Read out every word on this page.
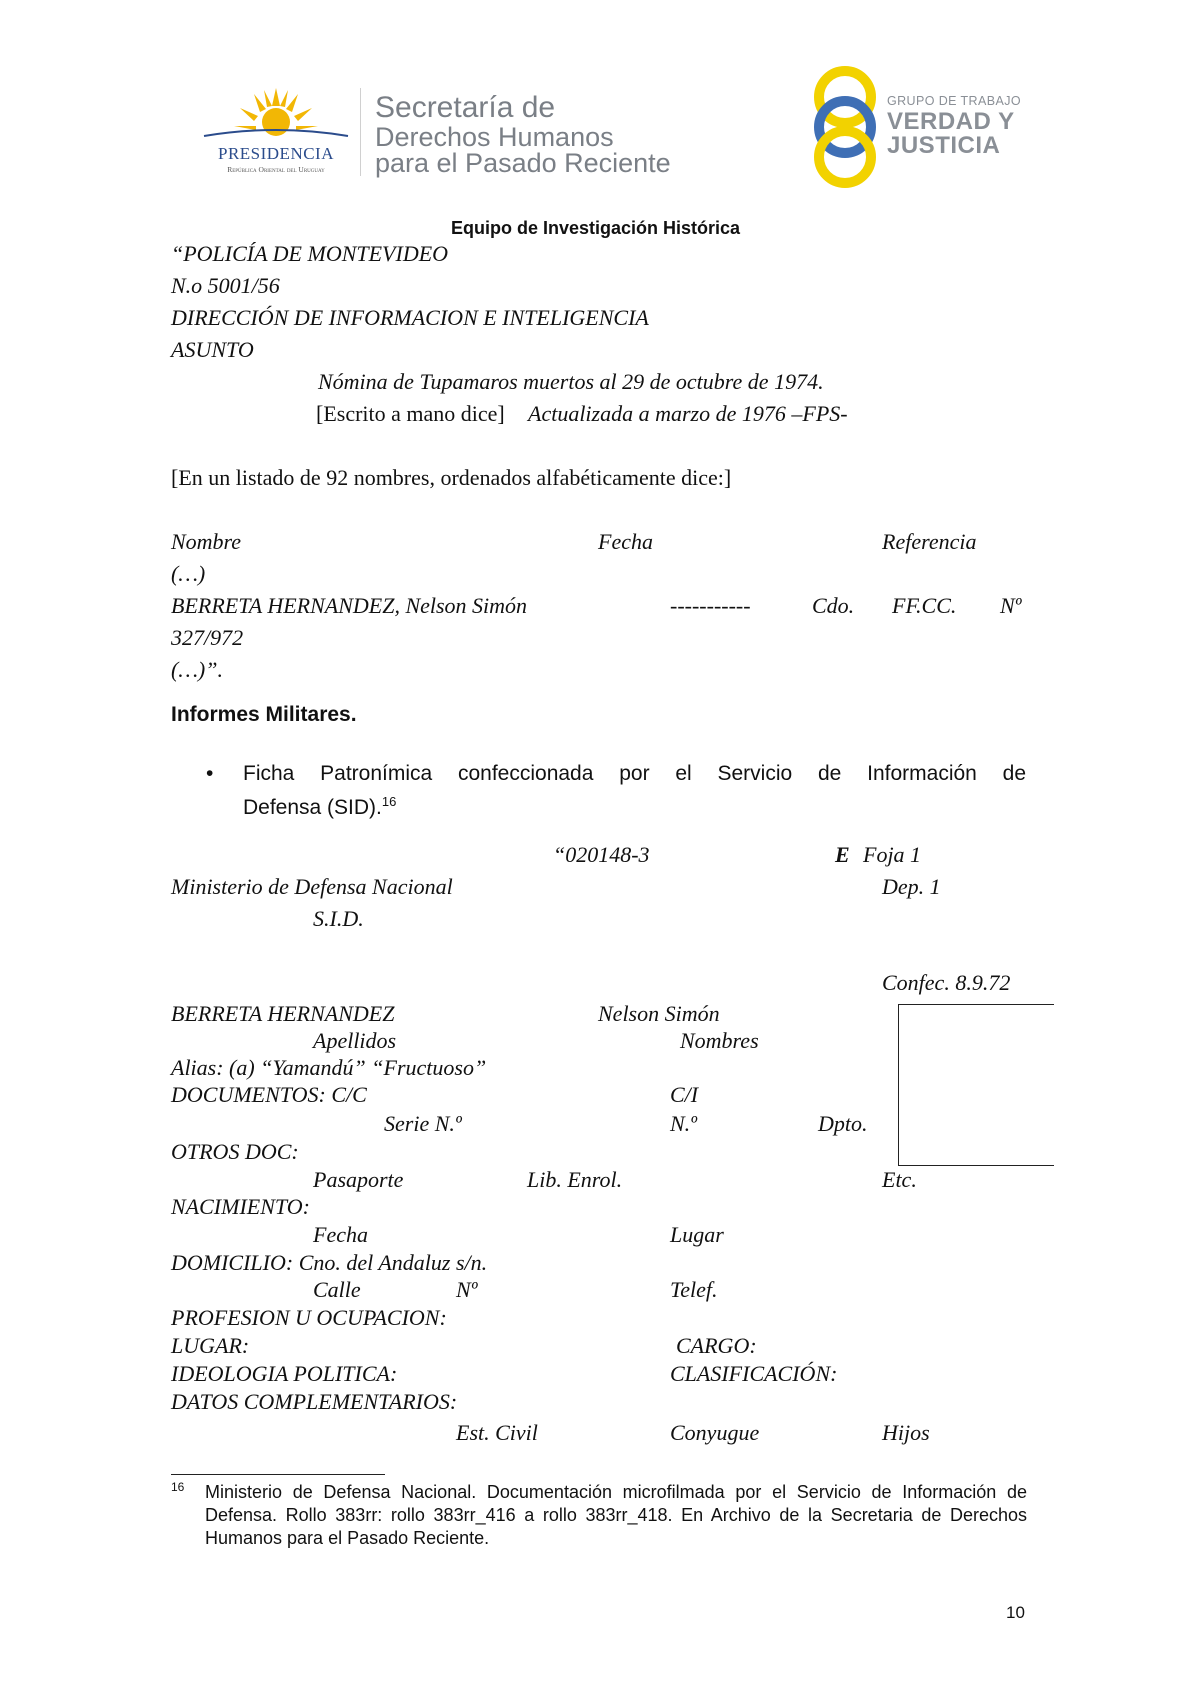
PRESIDENCIA
República Oriental del Uruguay
Secretaría de
Derechos Humanos
para el Pasado Reciente
GRUPO DE TRABAJO
VERDAD Y
JUSTICIA
Equipo de Investigación Histórica
“POLICÍA DE MONTEVIDEO
N.o 5001/56
DIRECCIÓN DE INFORMACION E INTELIGENCIA
ASUNTO
Nómina de Tupamaros muertos al 29 de octubre de 1974.
[Escrito a mano dice] Actualizada a marzo de 1976 –FPS-
[En un listado de 92 nombres, ordenados alfabéticamente dice:]
Nombre	Fecha	Referencia
(…)
BERRETA HERNANDEZ, Nelson Simón	-----------	Cdo. FF.CC. Nº
327/972
(…)”.
Informes Militares.
• Ficha Patronímica confeccionada por el Servicio de Información de
Defensa (SID).$^{16}$
“020148-3	E Foja 1
Ministerio de Defensa Nacional	Dep. 1
S.I.D.
Confec. 8.9.72
BERRETA HERNANDEZ	Nelson Simón
Apellidos	Nombres
Alias: (a) “Yamandú” “Fructuoso”
DOCUMENTOS: C/C	C/I
Serie N.º	N.º	Dpto.
OTROS DOC:
Pasaporte	Lib. Enrol.	Etc.
NACIMIENTO:
Fecha	Lugar
DOMICILIO: Cno. del Andaluz s/n.
Calle	Nº	Telef.
PROFESION U OCUPACION:
LUGAR:	CARGO:
IDEOLOGIA POLITICA:	CLASIFICACIÓN:
DATOS COMPLEMENTARIOS:
Est. Civil	Conyugue	Hijos
16 Ministerio de Defensa Nacional. Documentación microfilmada por el Servicio de Información de Defensa. Rollo 383rr: rollo 383rr_416 a rollo 383rr_418. En Archivo de la Secretaria de Derechos Humanos para el Pasado Reciente.
10
